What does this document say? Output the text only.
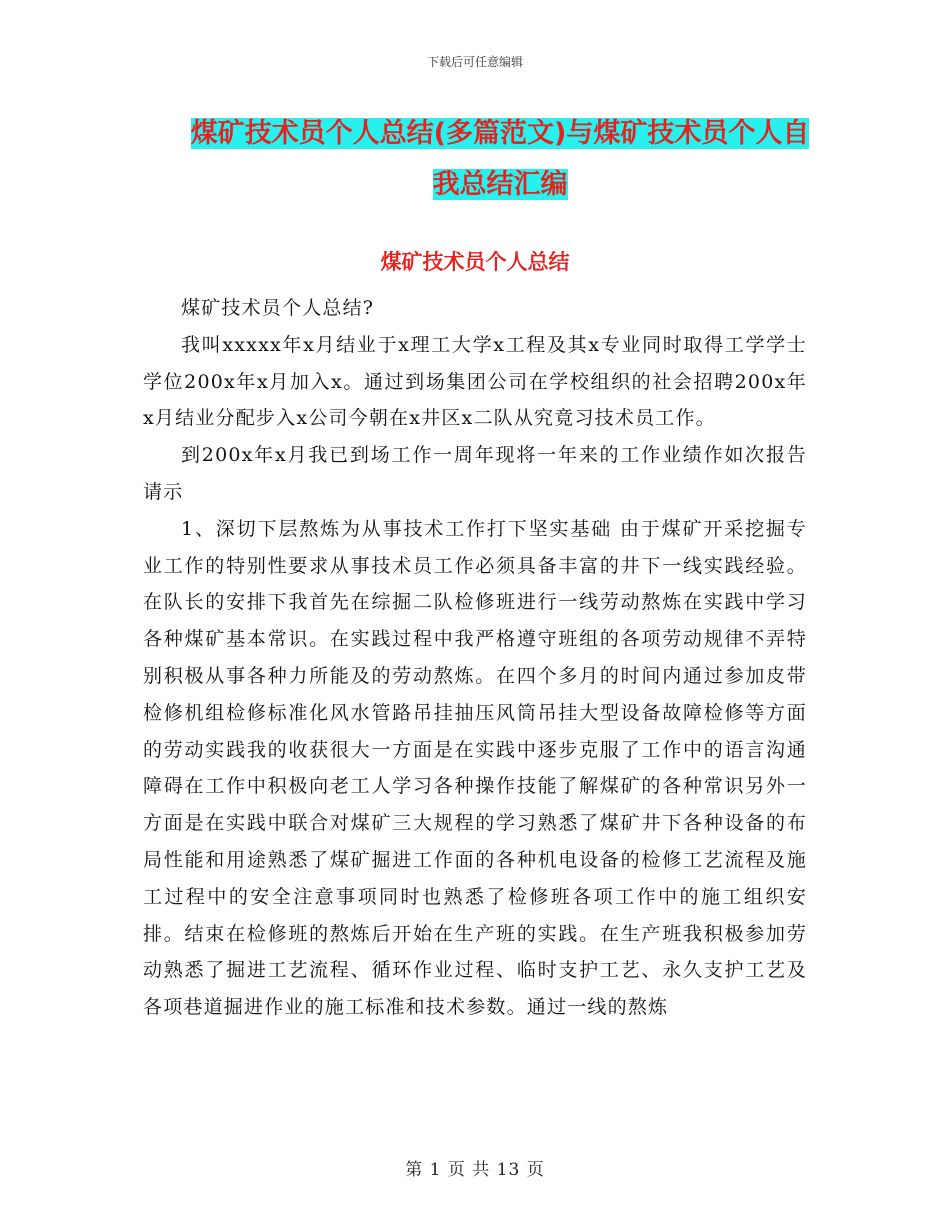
下载后可任意编辑
煤矿技术员个人总结(多篇范文)与煤矿技术员个人自
我总结汇编
煤矿技术员个人总结

煤矿技术员个人总结?

我叫xxxxx年x月结业于x理工大学x工程及其x专业同时取得工学学士学位200x年x月加入x。通过到场集团公司在学校组织的社会招聘200x年x月结业分配步入x公司今朝在x井区x二队从究竟习技术员工作。

到200x年x月我已到场工作一周年现将一年来的工作业绩作如次报告请示

1、深切下层熬炼为从事技术工作打下坚实基础 由于煤矿开采挖掘专业工作的特别性要求从事技术员工作必须具备丰富的井下一线实践经验。在队长的安排下我首先在综掘二队检修班进行一线劳动熬炼在实践中学习各种煤矿基本常识。在实践过程中我严格遵守班组的各项劳动规律不弄特别积极从事各种力所能及的劳动熬炼。在四个多月的时间内通过参加皮带检修机组检修标准化风水管路吊挂抽压风筒吊挂大型设备故障检修等方面的劳动实践我的收获很大一方面是在实践中逐步克服了工作中的语言沟通障碍在工作中积极向老工人学习各种操作技能了解煤矿的各种常识另外一方面是在实践中联合对煤矿三大规程的学习熟悉了煤矿井下各种设备的布局性能和用途熟悉了煤矿掘进工作面的各种机电设备的检修工艺流程及施工过程中的安全注意事项同时也熟悉了检修班各项工作中的施工组织安排。结束在检修班的熬炼后开始在生产班的实践。在生产班我积极参加劳动熟悉了掘进工艺流程、循环作业过程、临时支护工艺、永久支护工艺及各项巷道掘进作业的施工标准和技术参数。通过一线的熬炼

第 1 页 共 13 页
